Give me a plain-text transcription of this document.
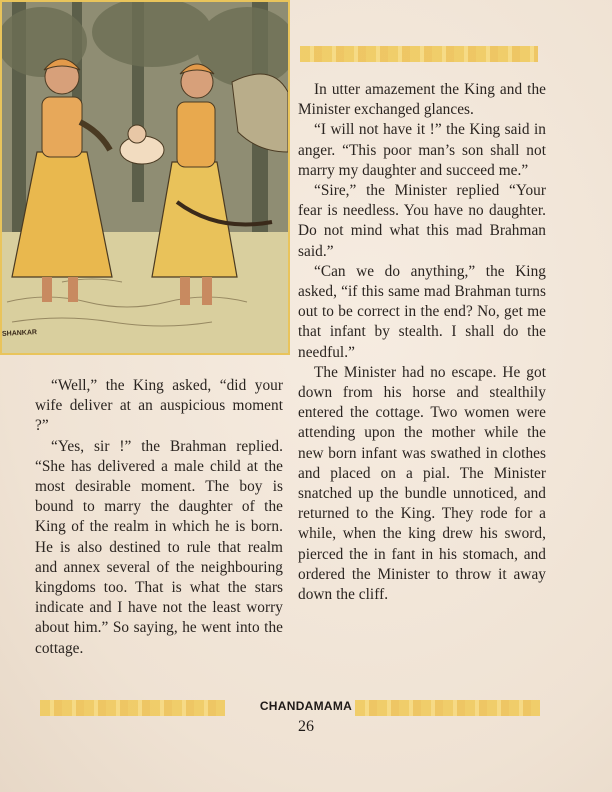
SHANKAR

In utter amazement the King and the Minister exchanged glances.

“I will not have it !” the King said in anger. “This poor man’s son shall not marry my daughter and succeed me.”

“Sire,” the Minister replied “Your fear is needless. You have no daughter. Do not mind what this mad Brahman said.”

“Can we do anything,” the King asked, “if this same mad Brahman turns out to be correct in the end? No, get me that infant by stealth. I shall do the needful.”

The Minister had no escape. He got down from his horse and stealthily entered the cottage. Two women were attending upon the mother while the new born infant was swathed in clothes and placed on a pial. The Minister snatched up the bundle unnoticed, and returned to the King. They rode for a while, when the king drew his sword, pierced the in fant in his stomach, and ordered the Minister to throw it away down the cliff.

“Well,” the King asked, “did your wife deliver at an auspicious moment ?”

“Yes, sir !” the Brahman replied. “She has delivered a male child at the most desirable moment. The boy is bound to marry the daughter of the King of the realm in which he is born. He is also destined to rule that realm and annex several of the neighbouring kingdoms too. That is what the stars indicate and I have not the least worry about him.” So saying, he went into the cottage.

CHANDAMAMA
26
